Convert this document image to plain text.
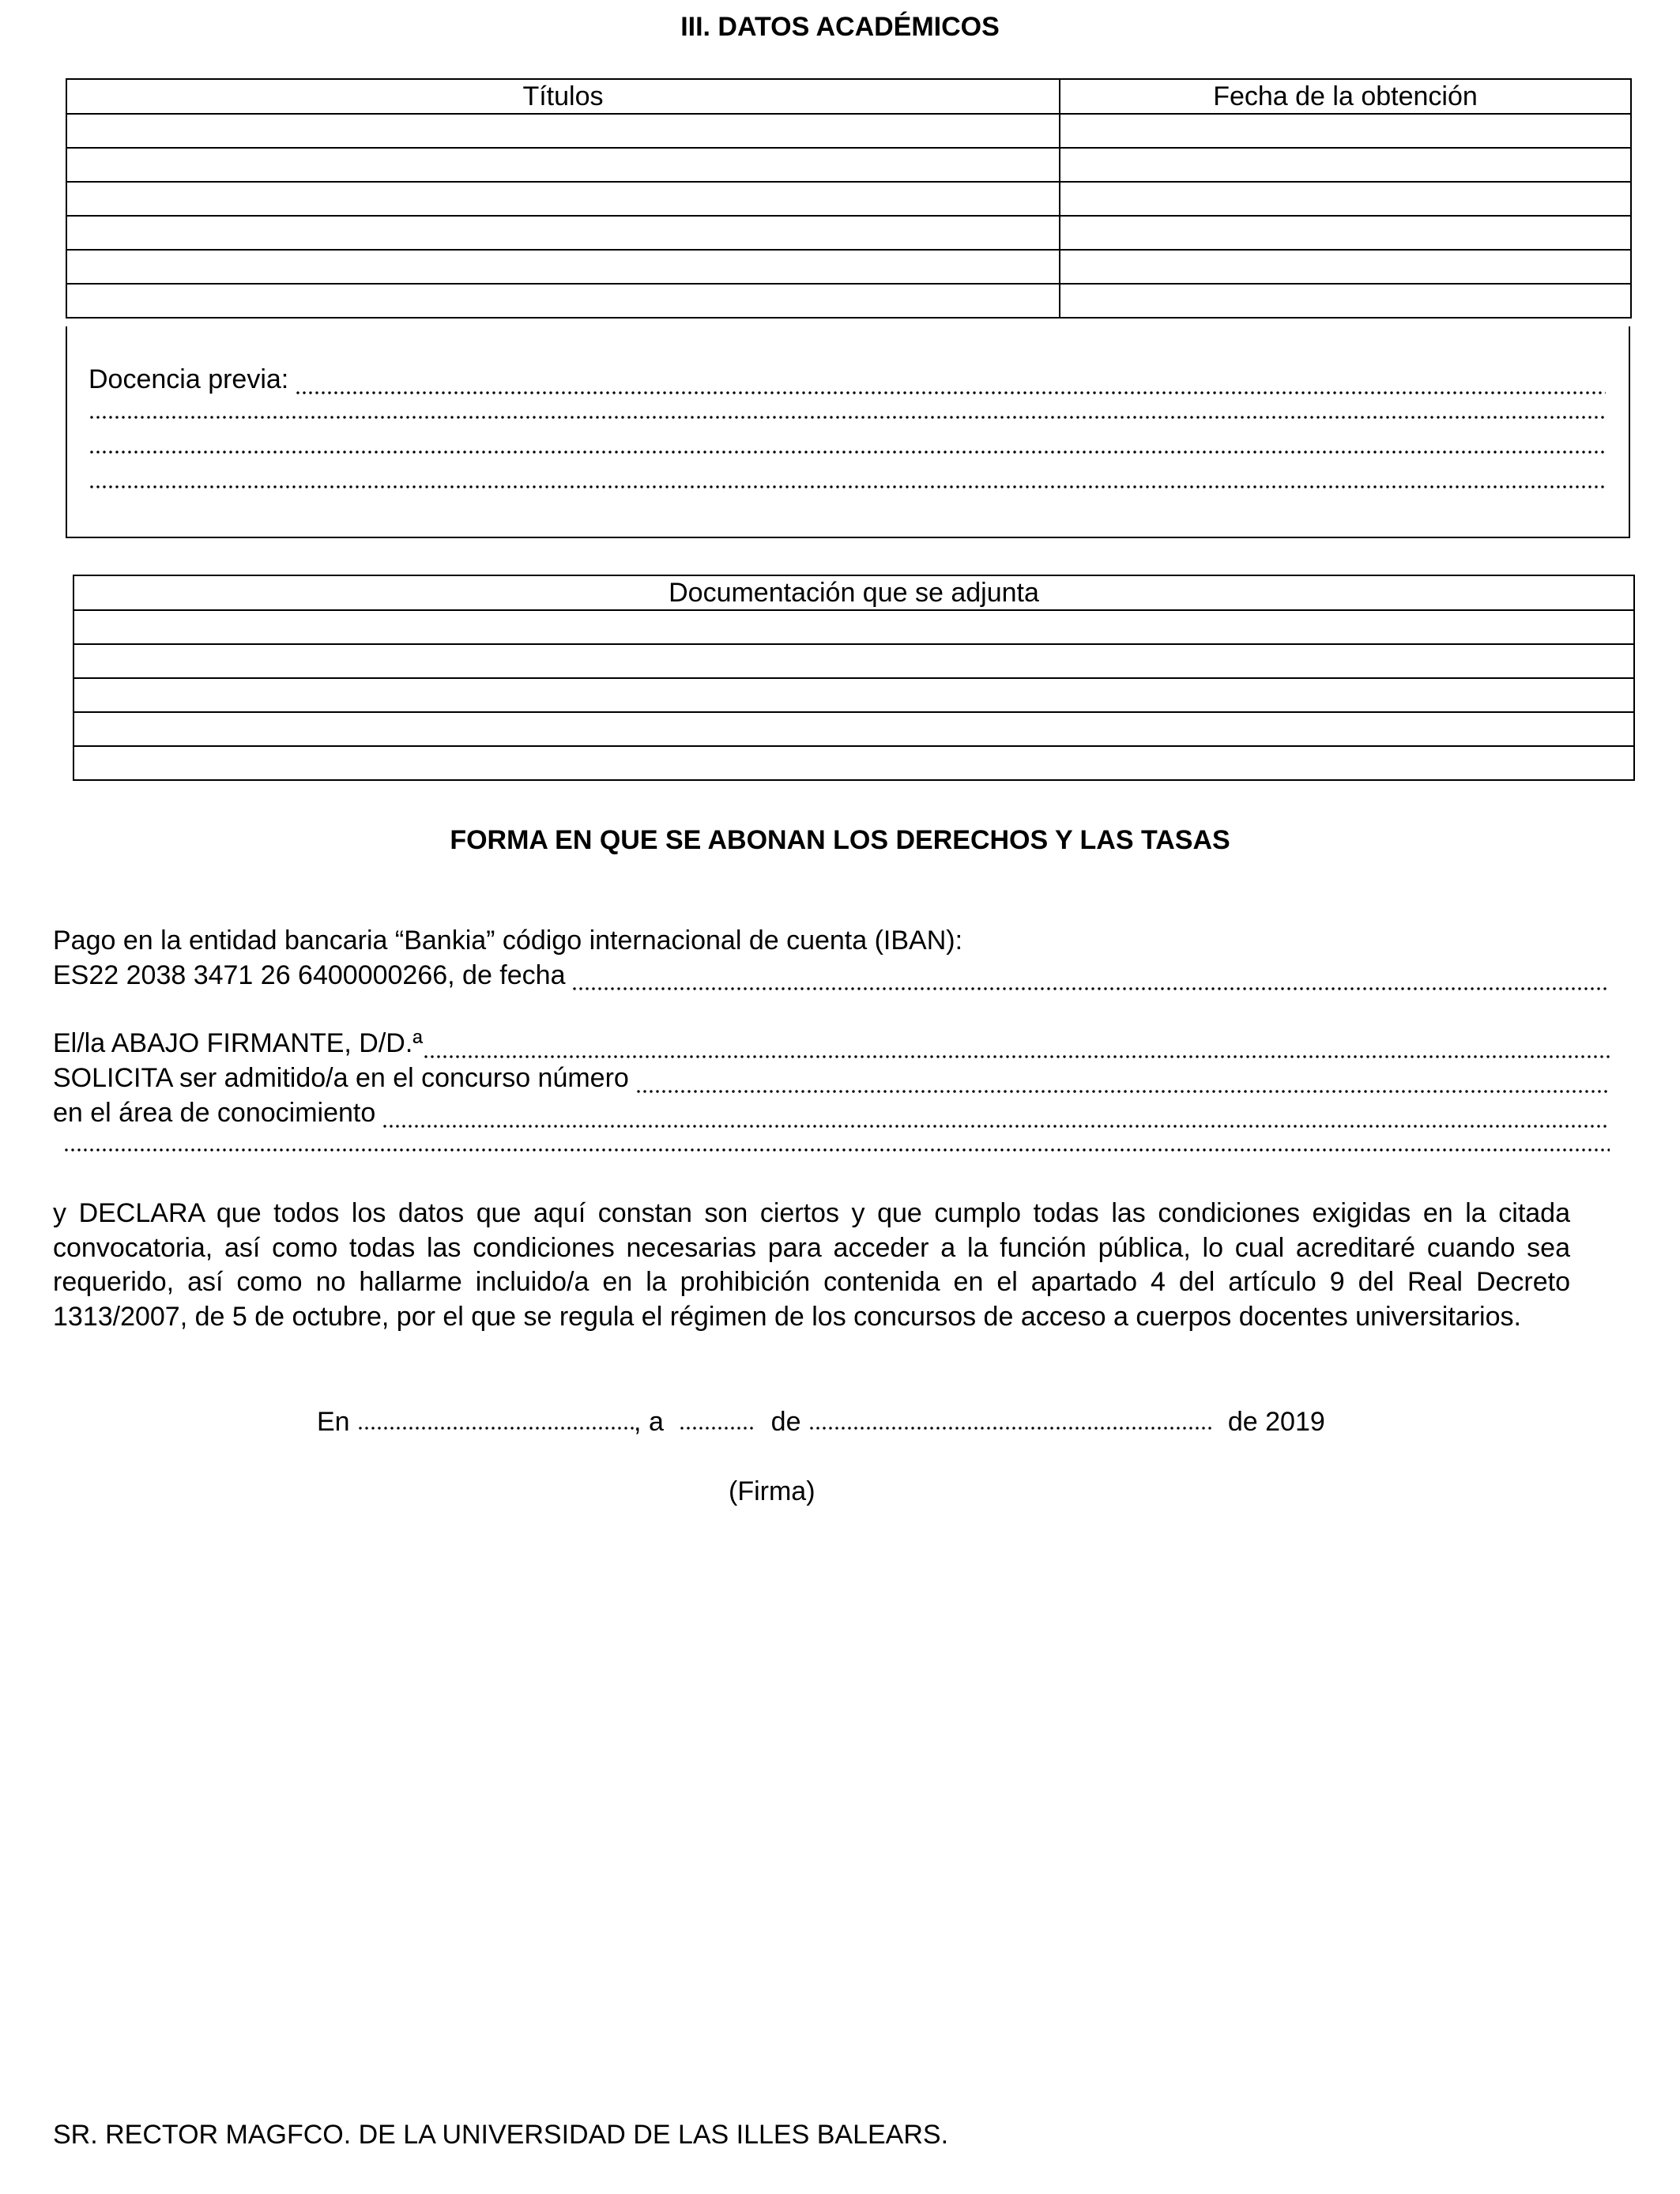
III. DATOS ACADÉMICOS
Títulos	Fecha de la obtención

Docencia previa:
Documentación que se adjunta

FORMA EN QUE SE ABONAN LOS DERECHOS Y LAS TASAS
Pago en la entidad bancaria “Bankia” código internacional de cuenta (IBAN):
ES22 2038 3471 26 6400000266, de fecha
El/la ABAJO FIRMANTE, D/D.ª
SOLICITA ser admitido/a en el concurso número
en el área de conocimiento
y DECLARA que todos los datos que aquí constan son ciertos y que cumplo todas las condiciones exigidas en la citada convocatoria, así como todas las condiciones necesarias para acceder a la función pública, lo cual acreditaré cuando sea requerido, así como no hallarme incluido/a en la prohibición contenida en el apartado 4 del artículo 9 del Real Decreto 1313/2007, de 5 de octubre, por el que se regula el régimen de los concursos de acceso a cuerpos docentes universitarios.
En	, a	de	de 2019
(Firma)
SR. RECTOR MAGFCO. DE LA UNIVERSIDAD DE LAS ILLES BALEARS.
